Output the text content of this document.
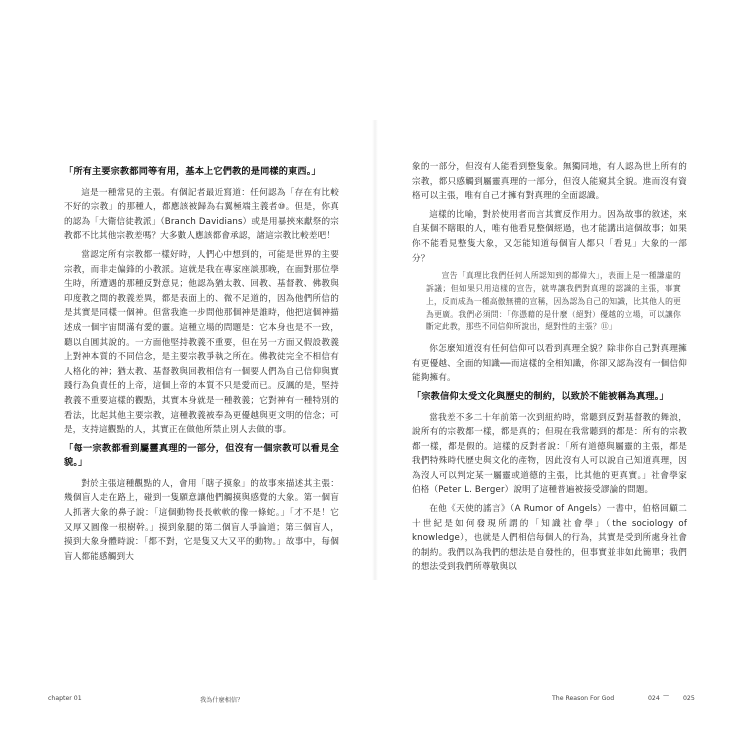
「所有主要宗教都同等有用，基本上它們教的是同樣的東西。」

這是一種常見的主張。有個記者最近寫道：任何認為「存在有比較不好的宗教」的那種人，都應該被歸為右翼極端主義者⑩。但是，你真的認為「大衛信徒教派」（Branch Davidians）或是用暴挾來獻祭的宗教都不比其他宗教差嗎？大多數人應該都會承認，諸這宗教比較差吧！

當認定所有宗教都一樣好時，人們心中想到的，可能是世界的主要宗教，而非走偏鋒的小教派。這就是我在專家座談那晚，在面對那位學生時，所遭遇的那種反對意見；他認為猶太教、回教、基督教、佛教與印度教之間的教義差異，都是表面上的、微不足道的，因為他們所信的是其實是同樣一個神。但當我進一步問他那個神是誰時，他把這個神描述成一個宇宙間滿有愛的靈。這種立場的問題是：它本身也是不一致，聽以自圓其說的。一方面他堅持教義不重要，但在另一方面又假設教義上對神本質的不同信念，是主要宗教爭執之所在。佛教徒完全不相信有人格化的神；猶太教、基督教與回教相信有一個要人們為自己信仰與實踐行為負責任的上帝，這個上帝的本質不只是愛而已。反諷的是，堅持教義不重要這樣的觀點，其實本身就是一種教義；它對神有一種特別的看法，比起其他主要宗教，這種教義被奉為更優越與更文明的信念；可是，支持這觀點的人，其實正在做他所禁止別人去做的事。

「每一宗教都看到屬靈真理的一部分，但沒有一個宗教可以看見全貌。」

對於主張這種觀點的人，會用「瞎子摸象」的故事來描述其主張：幾個盲人走在路上，碰到一隻願意讓他們觸摸與感覺的大象。第一個盲人抓著大象的鼻子說：「這個動物長長軟軟的像一條蛇。」「才不是！它又厚又圓像一根樹幹。」摸到象腿的第二個盲人爭論道；第三個盲人，摸到大象身體時說：「都不對，它是隻又大又平的動物。」故事中，每個盲人都能感觸到大

chapter 01	我為什麼相信？

象的一部分，但沒有人能看到整隻象。無獨同地，有人認為世上所有的宗教，都只感觸到屬靈真理的一部分，但沒人能窺其全貌。進而沒有資格可以主張，唯有自己才擁有對真理的全面認識。

這樣的比喻，對於使用者而言其實反作用力。因為故事的敘述，來自某個不瞎眼的人，唯有他看見整個經過，也才能講出這個故事；如果你不能看見整隻大象，又怎能知道每個盲人都只「看見」大象的一部分？

宣告「真理比我們任何人所認知到的都偉大」，表面上是一種謙虛的訴議；但如果只用這樣的宣告，就卑讓我們對真理的認識的主張，事實上，反而成為一種高傲無禮的宣稱，因為認為自己的知識，比其他人的更為更廣。我們必須問：「你憑藉的是什麼（絕對）優越的立場，可以讓你斷定此教，那些不同信仰所說出，絕對性的主張？⑪」

你怎麼知道沒有任何信仰可以看到真理全貌？除非你自己對真理擁有更優越、全面的知識──而這樣的全相知識，你卻又認為沒有一個信仰能夠擁有。

「宗教信仰太受文化與歷史的制約，以致於不能被稱為真理。」

當我差不多二十年前第一次到紐約時，常聽到反對基督教的舞浪，說所有的宗教都一樣，都是真的；但現在我常聽到的都是：所有的宗教都一樣，都是假的。這樣的反對者說：「所有道德與屬靈的主張，都是我們特殊時代歷史與文化的產物，因此沒有人可以說自己知道真理，因為沒人可以判定某一屬靈或道德的主張，比其他的更真實。」社會學家伯格（Peter L. Berger）說明了這種普遍被接受謬論的問題。

在他《天使的謠言》（A Rumor of Angels）一書中，伯格回顧二十世紀是如何發現所謂的「知識社會學」（the sociology of knowledge），也就是人們相信每個人的行為，其實是受到所處身社會的制約。我們以為我們的想法是自發性的，但事實並非如此簡單；我們的想法受到我們所尊敬與以

The Reason For God	024 — 025
